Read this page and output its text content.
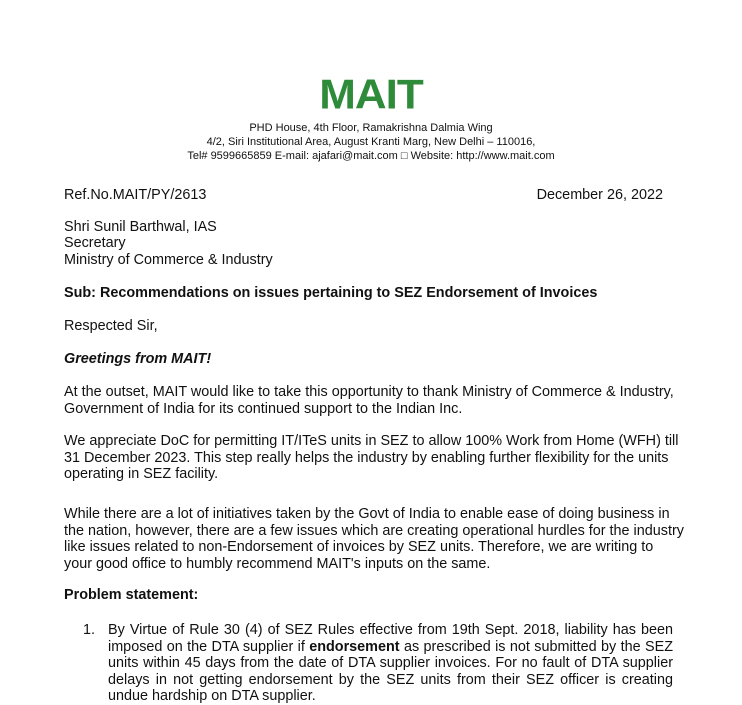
MAIT
PHD House, 4th Floor, Ramakrishna Dalmia Wing
4/2, Siri Institutional Area, August Kranti Marg, New Delhi – 110016,
Tel# 9599665859 E-mail: ajafari@mait.com □ Website: http://www.mait.com
Ref.No.MAIT/PY/2613	December 26, 2022
Shri Sunil Barthwal, IAS
Secretary
Ministry of Commerce & Industry
Sub: Recommendations on issues pertaining to SEZ Endorsement of Invoices
Respected Sir,
Greetings from MAIT!
At the outset, MAIT would like to take this opportunity to thank Ministry of Commerce & Industry, Government of India for its continued support to the Indian Inc.
We appreciate DoC for permitting IT/ITeS units in SEZ to allow 100% Work from Home (WFH) till 31 December 2023. This step really helps the industry by enabling further flexibility for the units operating in SEZ facility.
While there are a lot of initiatives taken by the Govt of India to enable ease of doing business in the nation, however, there are a few issues which are creating operational hurdles for the industry like issues related to non-Endorsement of invoices by SEZ units. Therefore, we are writing to your good office to humbly recommend MAIT's inputs on the same.
Problem statement:
1. By Virtue of Rule 30 (4) of SEZ Rules effective from 19th Sept. 2018, liability has been imposed on the DTA supplier if endorsement as prescribed is not submitted by the SEZ units within 45 days from the date of DTA supplier invoices. For no fault of DTA supplier delays in not getting endorsement by the SEZ units from their SEZ officer is creating undue hardship on DTA supplier.
